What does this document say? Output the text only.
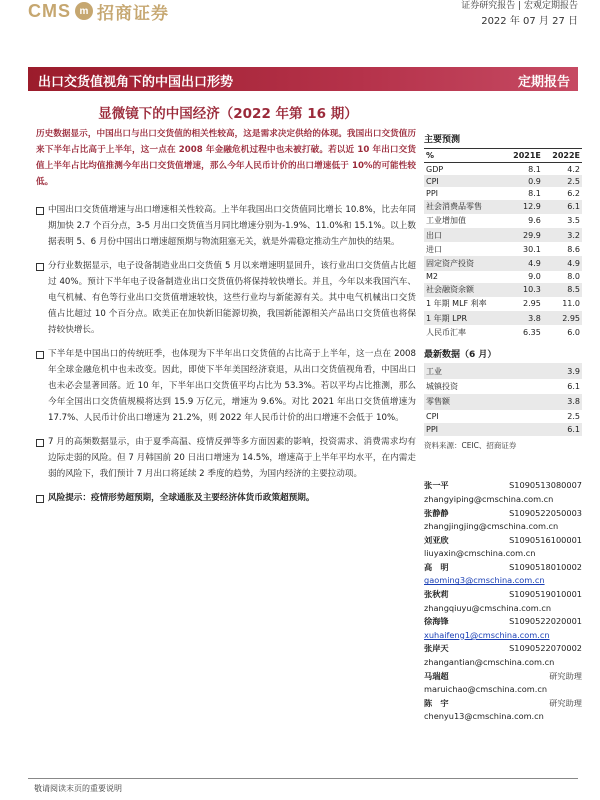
CMS m 招商证券	证券研究报告 | 宏观定期报告
2022 年 07 月 27 日
出口交货值视角下的中国出口形势	定期报告
显微镜下的中国经济（2022 年第 16 期）

历史数据显示，中国出口与出口交货值的相关性较高，这是需求决定供给的体现。我国出口交货值历来下半年占比高于上半年，这一点在 2008 年金融危机过程中也未被打破。若以近 10 年出口交货值上半年占比均值推测今年出口交货值增速，那么今年人民币计价的出口增速低于 10%的可能性较低。

中国出口交货值增速与出口增速相关性较高。上半年我国出口交货值同比增长 10.8%，比去年同期加快 2.7 个百分点，3-5 月出口交货值当月同比增速分别为-1.9%、11.0%和 15.1%。以上数据表明 5、6 月份中国出口增速超预期与物流阻塞无关，就是外需稳定推动生产加快的结果。

分行业数据显示，电子设备制造业出口交货值 5 月以来增速明显回升，该行业出口交货值占比超过 40%。预计下半年电子设备制造业出口交货值仍将保持较快增长。并且，今年以来我国汽车、电气机械、有色等行业出口交货值增速较快，这些行业均与新能源有关。其中电气机械出口交货值占比超过 10 个百分点。欧美正在加快新旧能源切换，我国新能源相关产品出口交货值也将保持较快增长。

下半年是中国出口的传统旺季，也体现为下半年出口交货值的占比高于上半年，这一点在 2008 年全球金融危机中也未改变。因此，即使下半年美国经济衰退，从出口交货值视角看，中国出口也未必会显著回落。近 10 年，下半年出口交货值平均占比为 53.3%。若以平均占比推测，那么今年全国出口交货值规模将达到 15.9 万亿元，增速为 9.6%。对比 2021 年出口交货值增速为 17.7%、人民币计价出口增速为 21.2%，则 2022 年人民币计价的出口增速不会低于 10%。

7 月的高频数据显示，由于夏季高温、疫情反弹等多方面因素的影响，投资需求、消费需求均有边际走弱的风险。但 7 月韩国前 20 日出口增速为 14.5%，增速高于上半年平均水平，在内需走弱的风险下，我们预计 7 月出口将延续 2 季度的趋势，为国内经济的主要拉动项。

风险提示：疫情形势超预期，全球通胀及主要经济体货币政策超预期。

主要预测
%	2021E	2022E
GDP	8.1	4.2
CPI	0.9	2.5
PPI	8.1	6.2
社会消费品零售	12.9	6.1
工业增加值	9.6	3.5
出口	29.9	3.2
进口	30.1	8.6
固定资产投资	4.9	4.9
M2	9.0	8.0
社会融资余额	10.3	8.5
1 年期 MLF 利率	2.95	11.0
1 年期 LPR	3.8	2.95
人民币汇率	6.35	6.0
最新数据（6 月）
工业	3.9
城镇投资	6.1
零售额	3.8
CPI	2.5
PPI	6.1
资料来源：CEIC、招商证券
张一平	S1090513080007
zhangyiping@cmschina.com.cn
张静静	S1090522050003
zhangjingjing@cmschina.com.cn
刘亚欣	S1090516100001
liuyaxin@cmschina.com.cn
高　明	S1090518010002
gaoming3@cmschina.com.cn
张秋莉	S1090519010001
zhangqiuyu@cmschina.com.cn
徐海锋	S1090522020001
xuhaifeng1@cmschina.com.cn
张岸天	S1090522070002
zhangantian@cmschina.com.cn
马瑞超	研究助理
maruichao@cmschina.com.cn
陈　宇	研究助理
chenyu13@cmschina.com.cn
敬请阅读末页的重要说明
